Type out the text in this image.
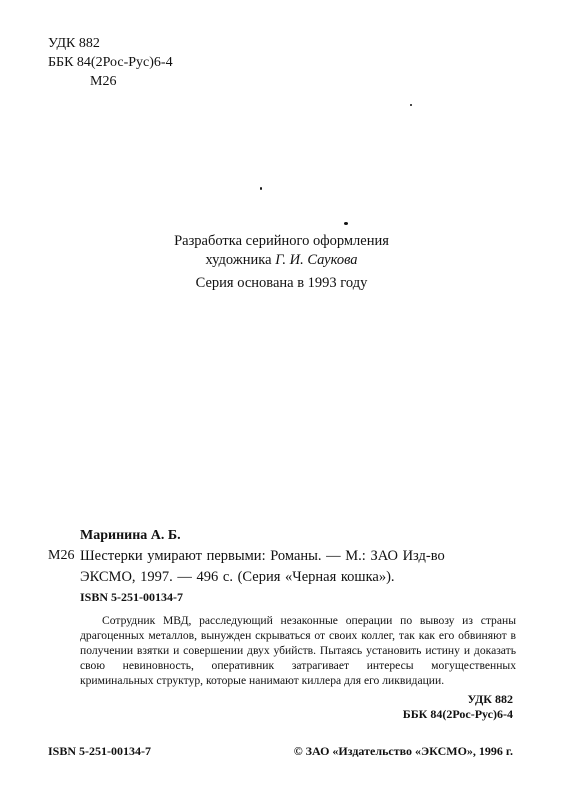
УДК 882
ББК 84(2Рос-Рус)6-4
М26
Разработка серийного оформления
художника Г. И. Саукова
Серия основана в 1993 году
Маринина А. Б.
М26 Шестерки умирают первыми: Романы. — М.: ЗАО Изд-во
ЭКСМО, 1997. — 496 с. (Серия «Черная кошка»).
ISBN 5-251-00134-7
Сотрудник МВД, расследующий незаконные операции по вывозу из страны драгоценных металлов, вынужден скрываться от своих коллег, так как его обвиняют в получении взятки и совершении двух убийств. Пытаясь установить истину и доказать свою невиновность, оперативник затрагивает интересы могущественных криминальных структур, которые нанимают киллера для его ликвидации.
УДК 882
ББК 84(2Рос-Рус)6-4
ISBN 5-251-00134-7	© ЗАО «Издательство «ЭКСМО», 1996 г.
